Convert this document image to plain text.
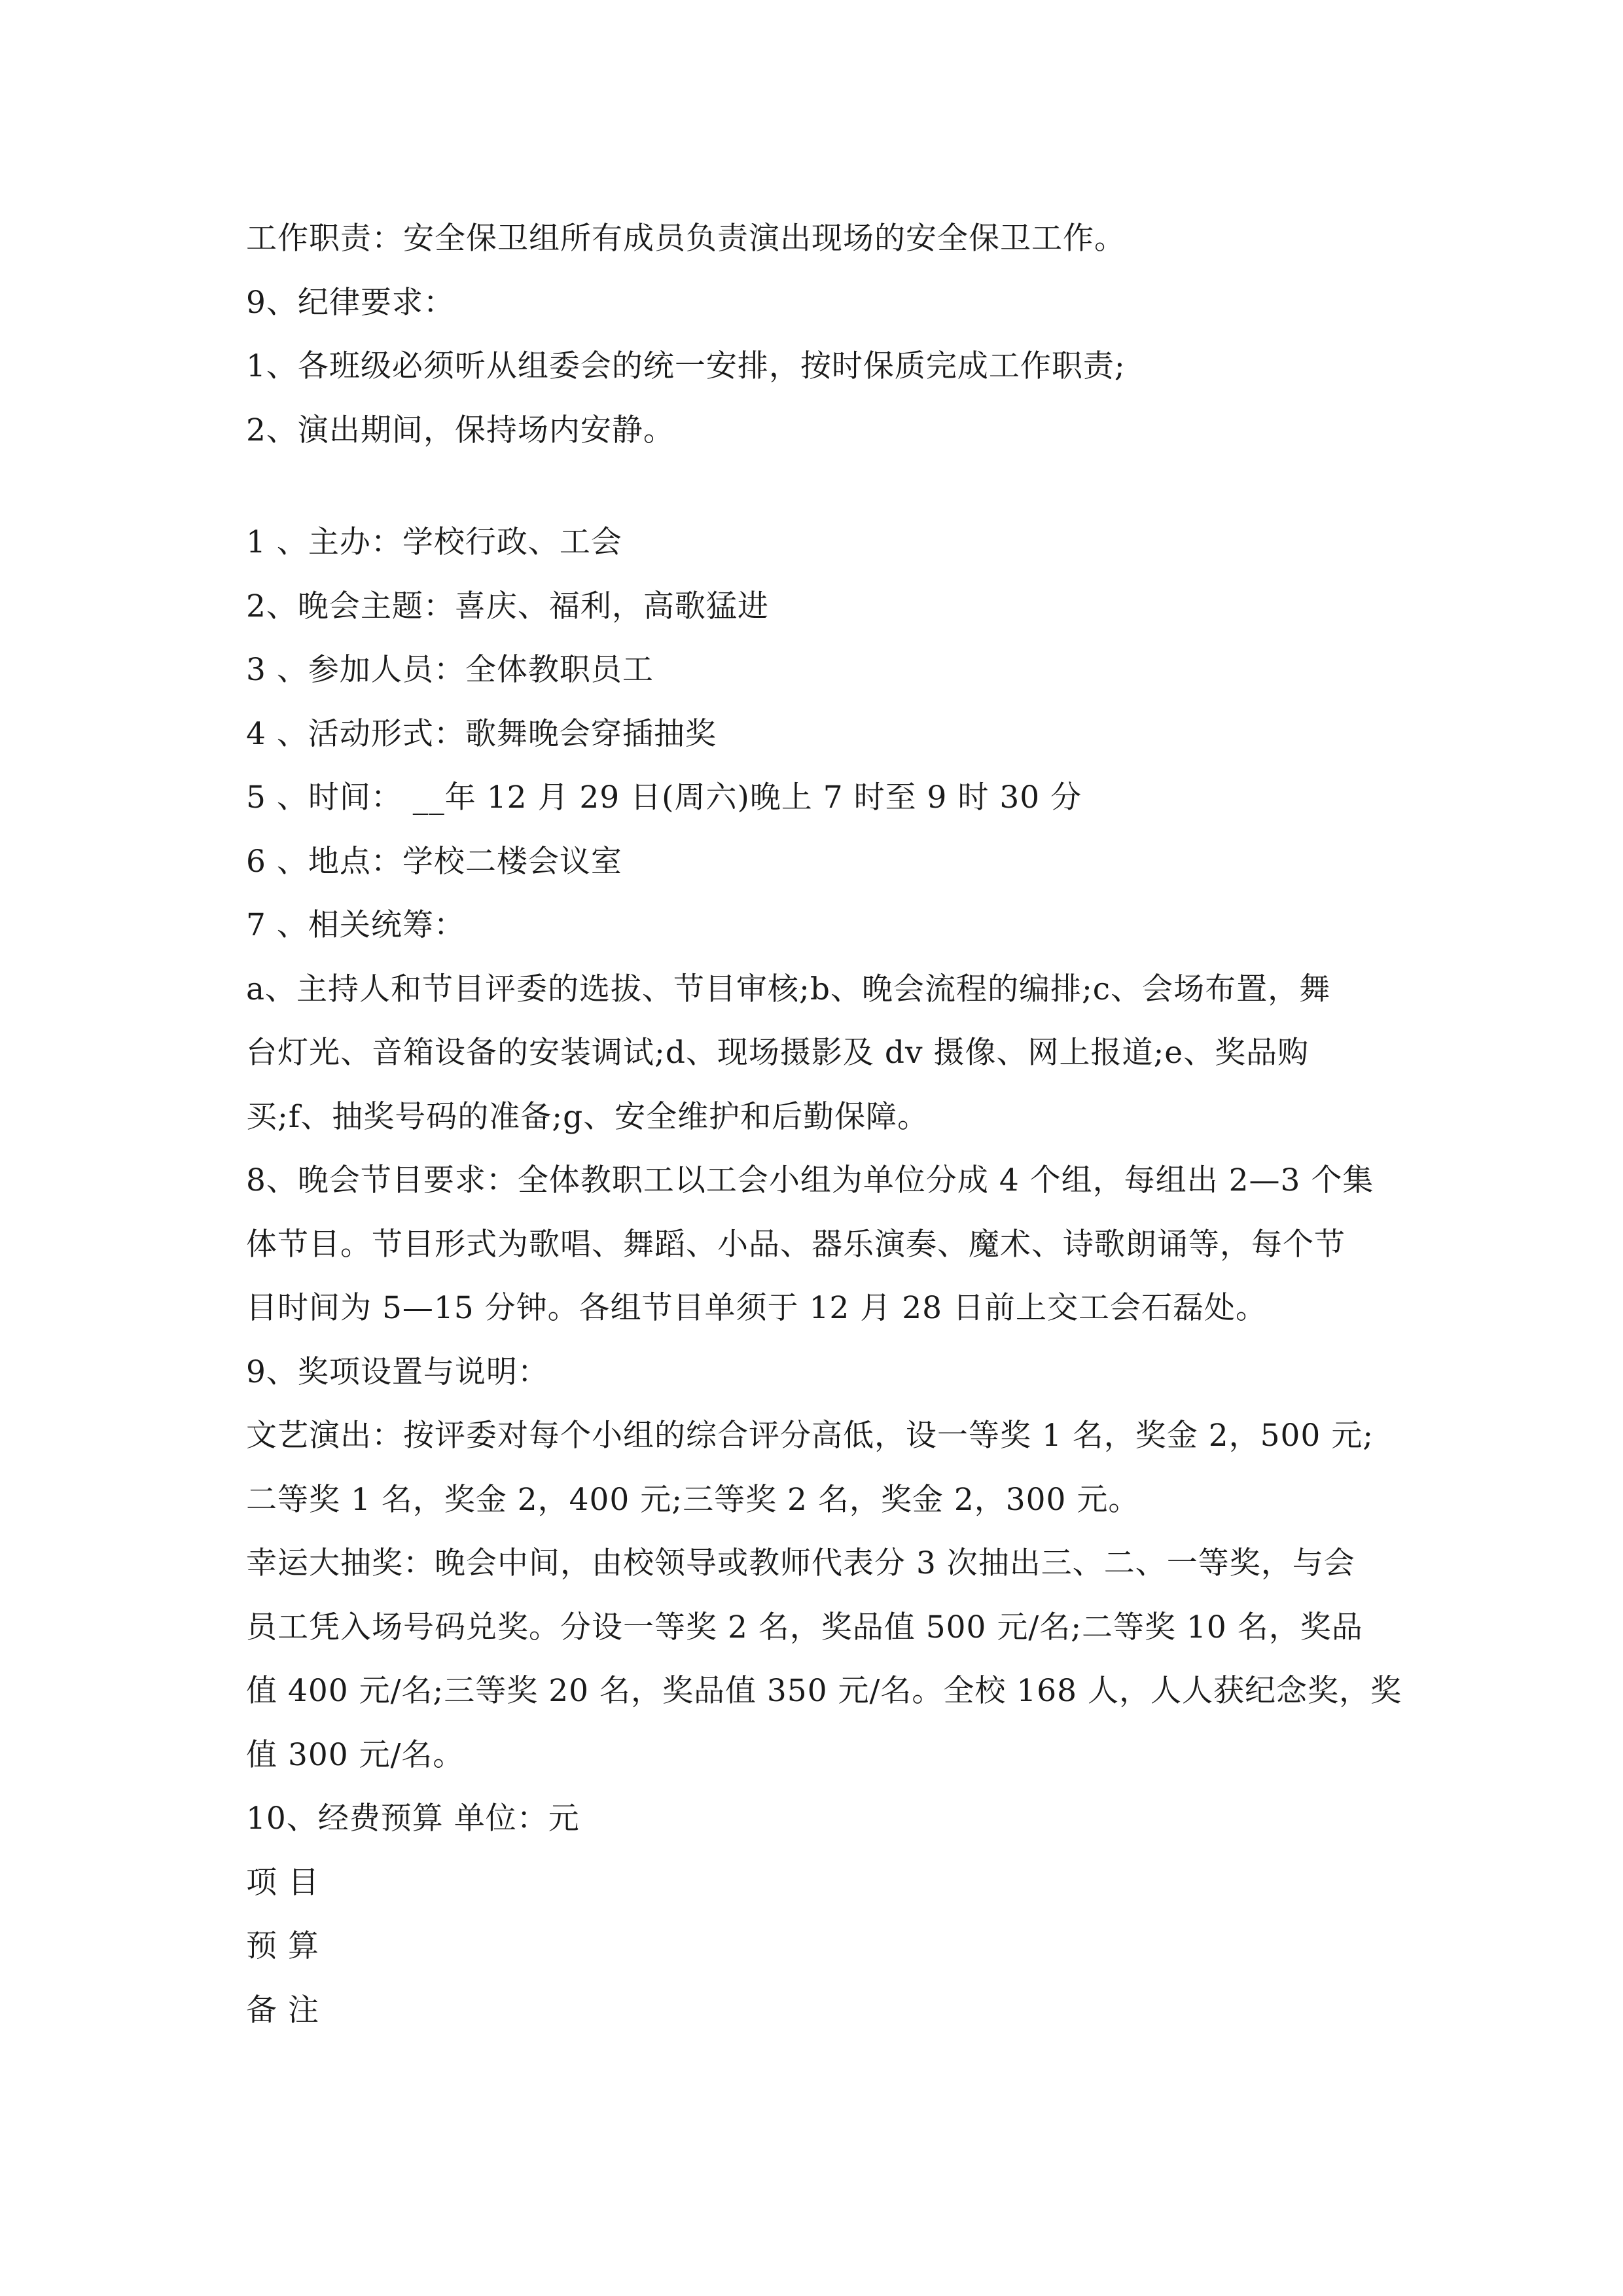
工作职责：安全保卫组所有成员负责演出现场的安全保卫工作。
9、纪律要求：
1、各班级必须听从组委会的统一安排，按时保质完成工作职责;
2、演出期间，保持场内安静。
1 、主办：学校行政、工会
2、晚会主题：喜庆、福利，高歌猛进
3 、参加人员：全体教职员工
4 、活动形式：歌舞晚会穿插抽奖
5 、时间： __年 12 月 29 日(周六)晚上 7 时至 9 时 30 分
6 、地点：学校二楼会议室
7 、相关统筹：
a、主持人和节目评委的选拔、节目审核;b、晚会流程的编排;c、会场布置，舞
台灯光、音箱设备的安装调试;d、现场摄影及 dv 摄像、网上报道;e、奖品购
买;f、抽奖号码的准备;g、安全维护和后勤保障。
8、晚会节目要求：全体教职工以工会小组为单位分成 4 个组，每组出 2—3 个集
体节目。节目形式为歌唱、舞蹈、小品、器乐演奏、魔术、诗歌朗诵等，每个节
目时间为 5—15 分钟。各组节目单须于 12 月 28 日前上交工会石磊处。
9、奖项设置与说明：
文艺演出：按评委对每个小组的综合评分高低，设一等奖 1 名，奖金 2，500 元;
二等奖 1 名，奖金 2，400 元;三等奖 2 名，奖金 2，300 元。
幸运大抽奖：晚会中间，由校领导或教师代表分 3 次抽出三、二、一等奖，与会
员工凭入场号码兑奖。分设一等奖 2 名，奖品值 500 元/名;二等奖 10 名，奖品
值 400 元/名;三等奖 20 名，奖品值 350 元/名。全校 168 人，人人获纪念奖，奖
值 300 元/名。
10、经费预算 单位：元
项 目
预 算
备 注
